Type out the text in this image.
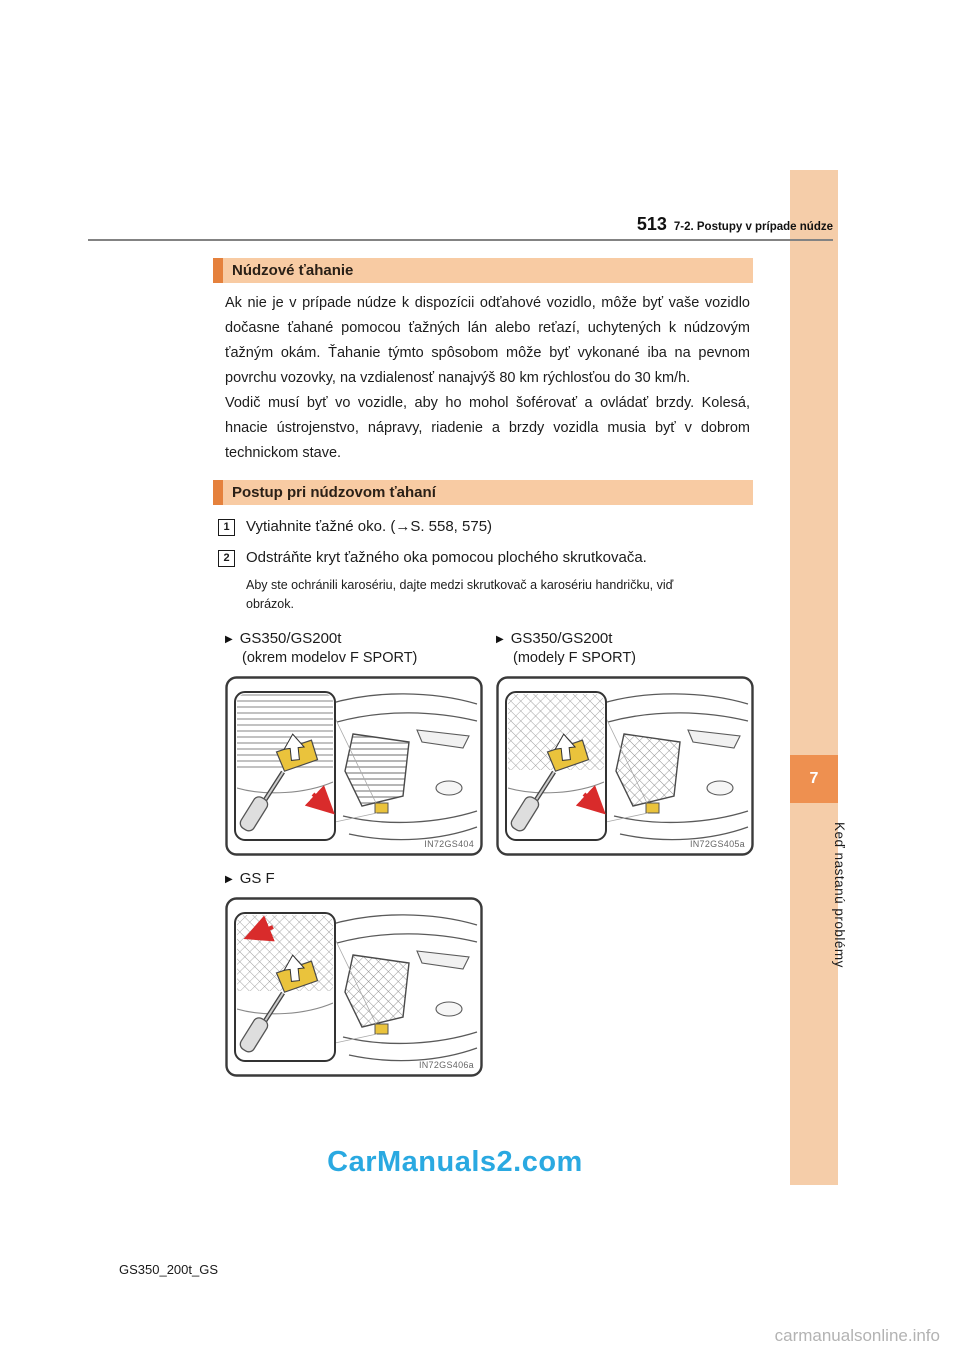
7
Keď nastanú problémy
513 7-2. Postupy v prípade núdze
Núdzové ťahanie

Ak nie je v prípade núdze k dispozícii odťahové vozidlo, môže byť vaše vozidlo dočasne ťahané pomocou ťažných lán alebo reťazí, uchytených k núdzovým ťažným okám. Ťahanie týmto spôsobom môže byť vykonané iba na pevnom povrchu vozovky, na vzdialenosť nanajvýš 80 km rýchlosťou do 30 km/h.

Vodič musí byť vo vozidle, aby ho mohol šoférovať a ovládať brzdy. Kolesá, hnacie ústrojenstvo, nápravy, riadenie a brzdy vozidla musia byť v dobrom technickom stave.

Postup pri núdzovom ťahaní
1	Vytiahnite ťažné oko. (→S. 558, 575)
2	Odstráňte kryt ťažného oka pomocou plochého skrutkovača.
Aby ste ochránili karosériu, dajte medzi skrutkovač a karosériu handričku, viď obrázok.
▶ GS350/GS200t
(okrem modelov F SPORT)
IN72GS404
▶ GS350/GS200t
(modely F SPORT)
IN72GS405a
▶ GS F
IN72GS406a
CarManuals2.com
GS350_200t_GS
carmanualsonline.info
